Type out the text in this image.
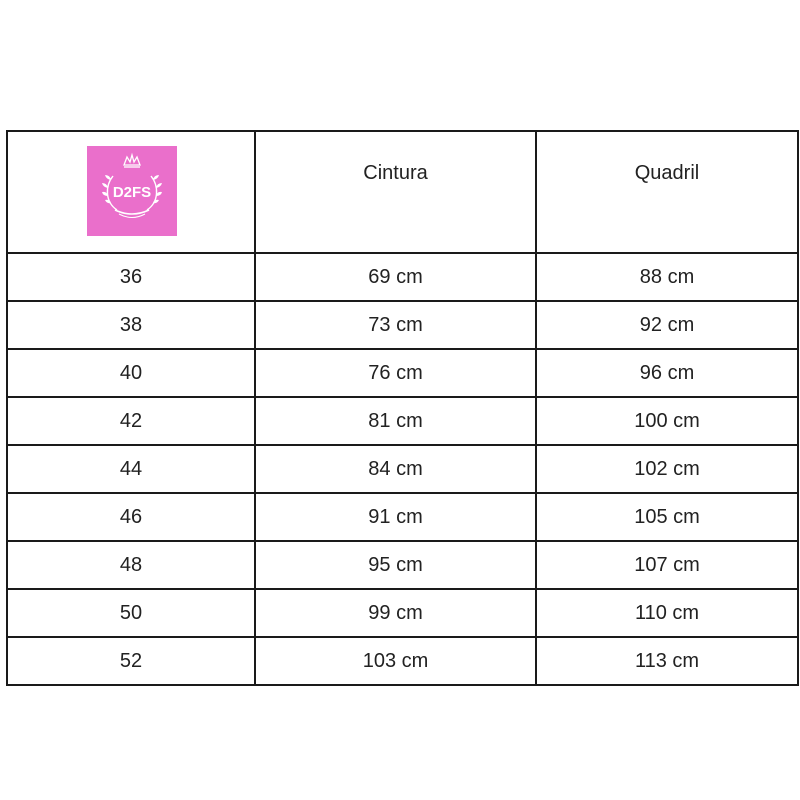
D2FS	Cintura	Quadril
36	69 cm	88 cm
38	73 cm	92 cm
40	76 cm	96 cm
42	81 cm	100 cm
44	84 cm	102 cm
46	91 cm	105 cm
48	95 cm	107 cm
50	99 cm	110 cm
52	103 cm	113 cm
